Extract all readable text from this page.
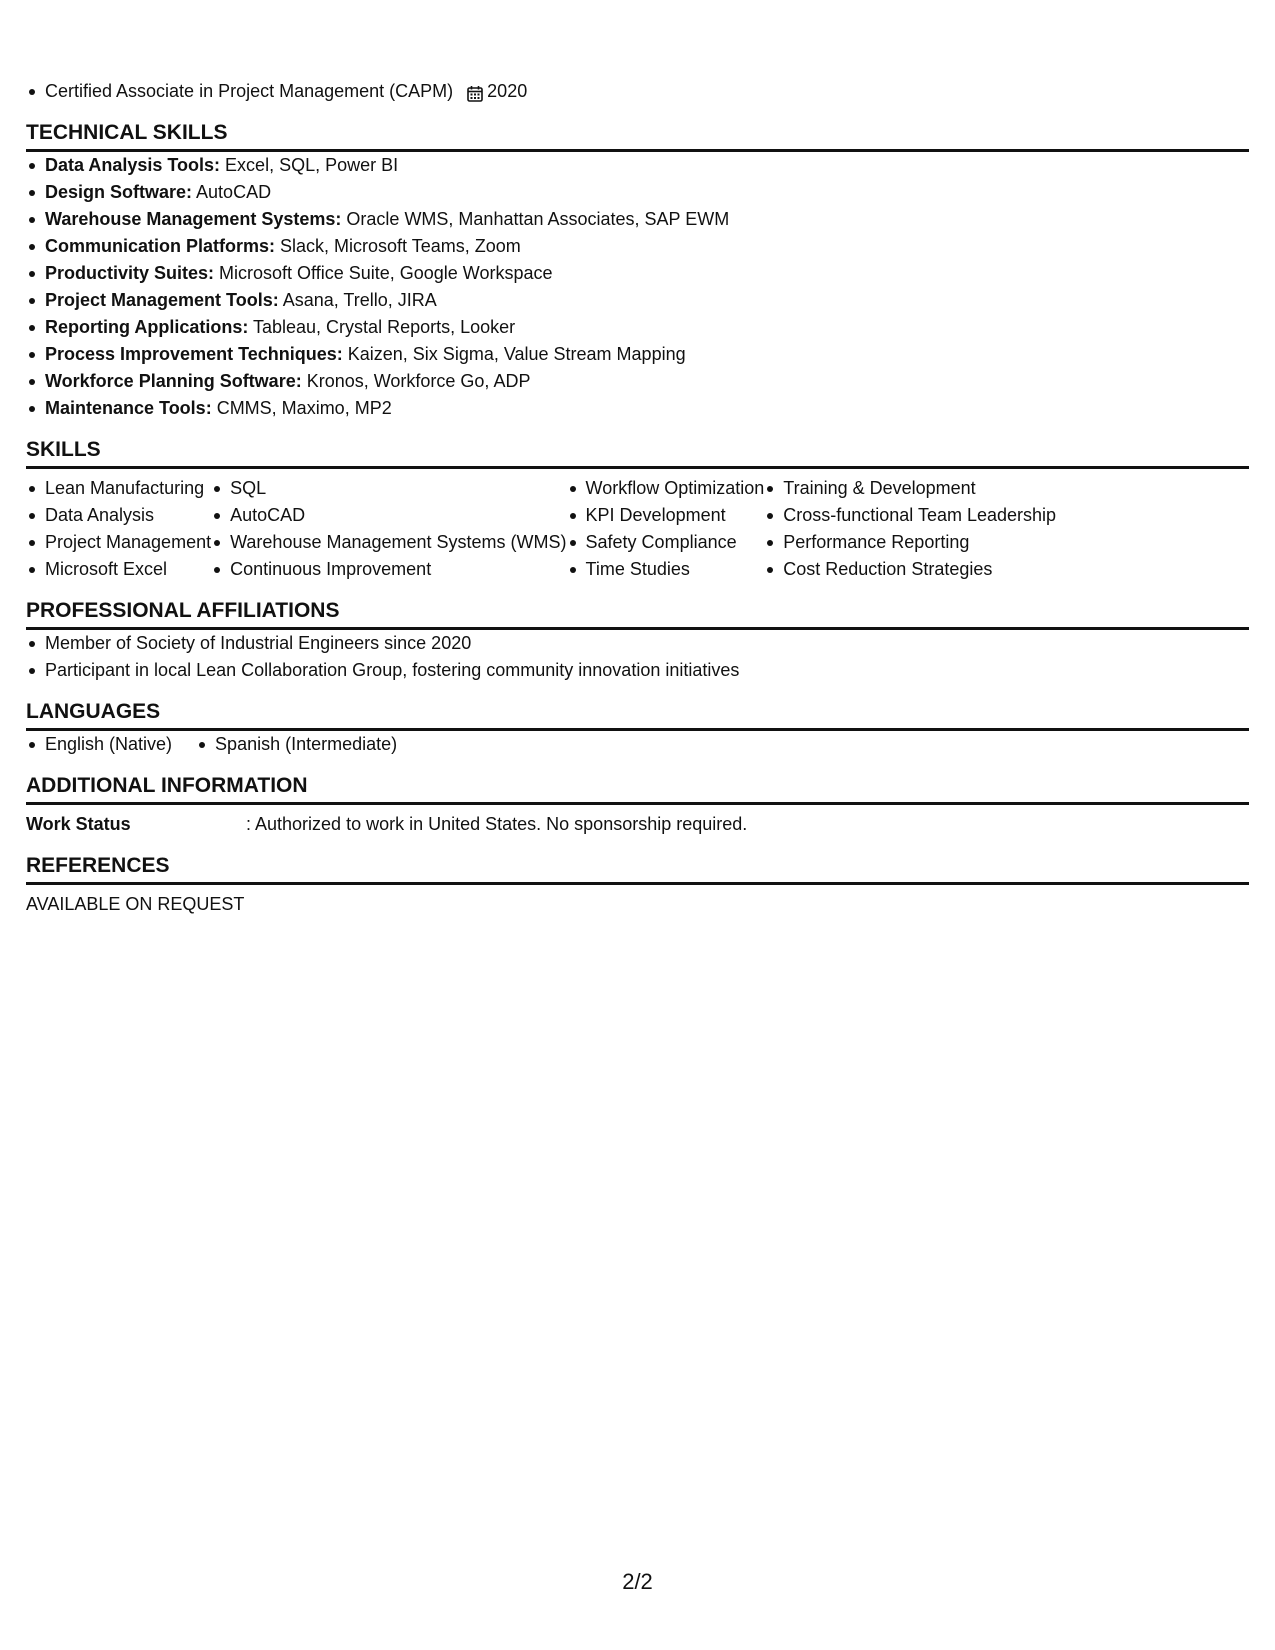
Certified Associate in Project Management (CAPM) 2020
TECHNICAL SKILLS
Data Analysis Tools: Excel, SQL, Power BI
Design Software: AutoCAD
Warehouse Management Systems: Oracle WMS, Manhattan Associates, SAP EWM
Communication Platforms: Slack, Microsoft Teams, Zoom
Productivity Suites: Microsoft Office Suite, Google Workspace
Project Management Tools: Asana, Trello, JIRA
Reporting Applications: Tableau, Crystal Reports, Looker
Process Improvement Techniques: Kaizen, Six Sigma, Value Stream Mapping
Workforce Planning Software: Kronos, Workforce Go, ADP
Maintenance Tools: CMMS, Maximo, MP2
SKILLS
Lean Manufacturing
Data Analysis
Project Management
Microsoft Excel
SQL
AutoCAD
Warehouse Management Systems (WMS)
Continuous Improvement
Workflow Optimization
KPI Development
Safety Compliance
Time Studies
Training & Development
Cross-functional Team Leadership
Performance Reporting
Cost Reduction Strategies
PROFESSIONAL AFFILIATIONS
Member of Society of Industrial Engineers since 2020
Participant in local Lean Collaboration Group, fostering community innovation initiatives
LANGUAGES
English (Native)	Spanish (Intermediate)
ADDITIONAL INFORMATION
Work Status	: Authorized to work in United States. No sponsorship required.
REFERENCES
AVAILABLE ON REQUEST
2/2
